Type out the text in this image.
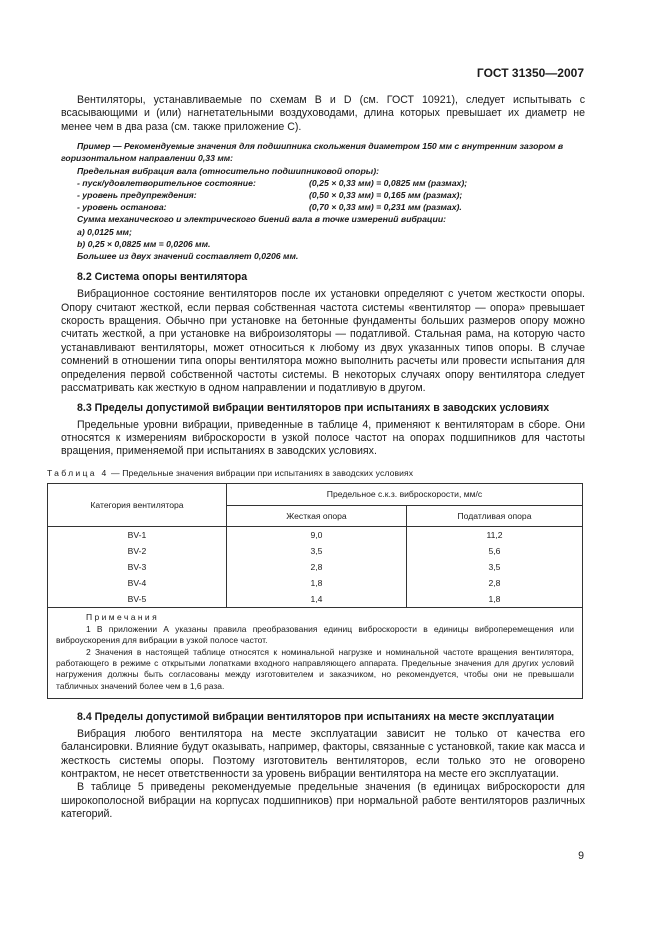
ГОСТ 31350—2007

Вентиляторы, устанавливаемые по схемам B и D (см. ГОСТ 10921), следует испытывать с всасывающими и (или) нагнетательными воздуховодами, длина которых превышает их диаметр не менее чем в два раза (см. также приложение С).

Пример — Рекомендуемые значения для подшипника скольжения диаметром 150 мм с внутренним зазором в горизонтальном направлении 0,33 мм:

Предельная вибрация вала (относительно подшипниковой опоры):

- пуск/удовлетворительное состояние:	(0,25 × 0,33 мм) = 0,0825 мм (размах);
- уровень предупреждения:	(0,50 × 0,33 мм) = 0,165 мм (размах);
- уровень останова:	(0,70 × 0,33 мм) = 0,231 мм (размах).

Сумма механического и электрического биений вала в точке измерений вибрации:

а) 0,0125 мм;

b) 0,25 × 0,0825 мм = 0,0206 мм.

Большее из двух значений составляет 0,0206 мм.

8.2 Система опоры вентилятора

Вибрационное состояние вентиляторов после их установки определяют с учетом жесткости опоры. Опору считают жесткой, если первая собственная частота системы «вентилятор — опора» превышает скорость вращения. Обычно при установке на бетонные фундаменты больших размеров опору можно считать жесткой, а при установке на виброизоляторы — податливой. Стальная рама, на которую часто устанавливают вентиляторы, может относиться к любому из двух указанных типов опоры. В случае сомнений в отношении типа опоры вентилятора можно выполнить расчеты или провести испытания для определения первой собственной частоты системы. В некоторых случаях опору вентилятора следует рассматривать как жесткую в одном направлении и податливую в другом.

8.3 Пределы допустимой вибрации вентиляторов при испытаниях в заводских условиях

Предельные уровни вибрации, приведенные в таблице 4, применяют к вентиляторам в сборе. Они относятся к измерениям виброскорости в узкой полосе частот на опорах подшипников для частоты вращения, применяемой при испытаниях в заводских условиях.

Таблица 4 — Предельные значения вибрации при испытаниях в заводских условиях
Категория вентилятора	Предельное с.к.з. виброскорости, мм/с	
	Жесткая опора	Податливая опора
BV-1	9,0	11,2
BV-2	3,5	5,6
BV-3	2,8	3,5
BV-4	1,8	2,8
BV-5	1,4	1,8
Примечания

1 В приложении А указаны правила преобразования единиц виброскорости в единицы виброперемещения или виброускорения для вибрации в узкой полосе частот.

2 Значения в настоящей таблице относятся к номинальной нагрузке и номинальной частоте вращения вентилятора, работающего в режиме с открытыми лопатками входного направляющего аппарата. Предельные значения для других условий нагружения должны быть согласованы между изготовителем и заказчиком, но рекомендуется, чтобы они не превышали табличных значений более чем в 1,6 раза.

8.4 Пределы допустимой вибрации вентиляторов при испытаниях на месте эксплуатации

Вибрация любого вентилятора на месте эксплуатации зависит не только от качества его балансировки. Влияние будут оказывать, например, факторы, связанные с установкой, такие как масса и жесткость системы опоры. Поэтому изготовитель вентиляторов, если только это не оговорено контрактом, не несет ответственности за уровень вибрации вентилятора на месте его эксплуатации.

В таблице 5 приведены рекомендуемые предельные значения (в единицах виброскорости для широкополосной вибрации на корпусах подшипников) при нормальной работе вентиляторов различных категорий.

9
